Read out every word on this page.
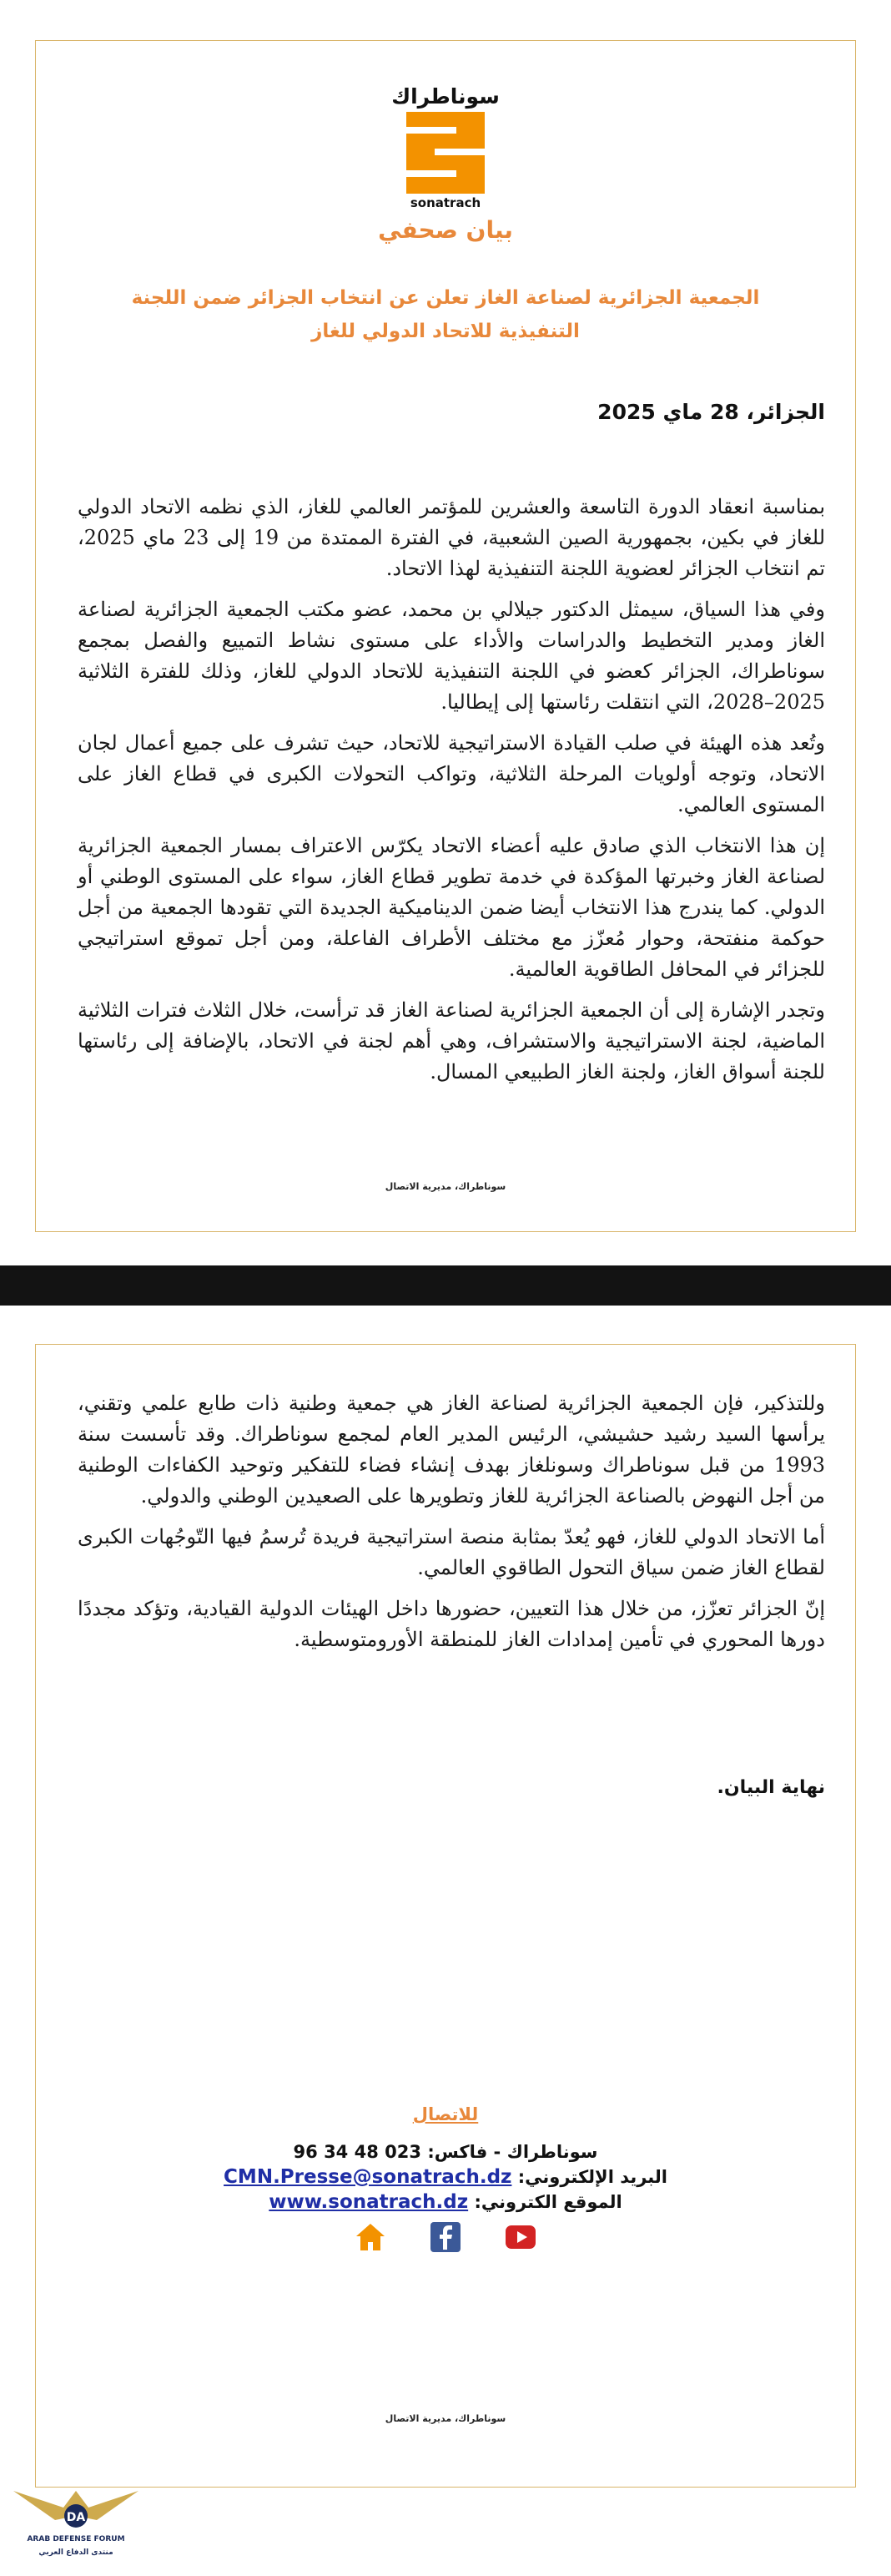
سوناطراك
sonatrach
بيان صحفي
الجمعية الجزائرية لصناعة الغاز تعلن عن انتخاب الجزائر ضمن اللجنة التنفيذية للاتحاد الدولي للغاز
الجزائر، 28 ماي 2025

بمناسبة انعقاد الدورة التاسعة والعشرين للمؤتمر العالمي للغاز، الذي نظمه الاتحاد الدولي للغاز في بكين، بجمهورية الصين الشعبية، في الفترة الممتدة من 19 إلى 23 ماي 2025، تم انتخاب الجزائر لعضوية اللجنة التنفيذية لهذا الاتحاد.

وفي هذا السياق، سيمثل الدكتور جيلالي بن محمد، عضو مكتب الجمعية الجزائرية لصناعة الغاز ومدير التخطيط والدراسات والأداء على مستوى نشاط التمييع والفصل بمجمع سوناطراك، الجزائر كعضو في اللجنة التنفيذية للاتحاد الدولي للغاز، وذلك للفترة الثلاثية 2025–2028، التي انتقلت رئاستها إلى إيطاليا.

وتُعد هذه الهيئة في صلب القيادة الاستراتيجية للاتحاد، حيث تشرف على جميع أعمال لجان الاتحاد، وتوجه أولويات المرحلة الثلاثية، وتواكب التحولات الكبرى في قطاع الغاز على المستوى العالمي.

إن هذا الانتخاب الذي صادق عليه أعضاء الاتحاد يكرّس الاعتراف بمسار الجمعية الجزائرية لصناعة الغاز وخبرتها المؤكدة في خدمة تطوير قطاع الغاز، سواء على المستوى الوطني أو الدولي. كما يندرج هذا الانتخاب أيضا ضمن الديناميكية الجديدة التي تقودها الجمعية من أجل حوكمة منفتحة، وحوار مُعزّز مع مختلف الأطراف الفاعلة، ومن أجل تموقع استراتيجي للجزائر في المحافل الطاقوية العالمية.

وتجدر الإشارة إلى أن الجمعية الجزائرية لصناعة الغاز قد ترأست، خلال الثلاث فترات الثلاثية الماضية، لجنة الاستراتيجية والاستشراف، وهي أهم لجنة في الاتحاد، بالإضافة إلى رئاستها للجنة أسواق الغاز، ولجنة الغاز الطبيعي المسال.

سوناطراك، مديرية الاتصال

وللتذكير، فإن الجمعية الجزائرية لصناعة الغاز هي جمعية وطنية ذات طابع علمي وتقني، يرأسها السيد رشيد حشيشي، الرئيس المدير العام لمجمع سوناطراك. وقد تأسست سنة 1993 من قبل سوناطراك وسونلغاز بهدف إنشاء فضاء للتفكير وتوحيد الكفاءات الوطنية من أجل النهوض بالصناعة الجزائرية للغاز وتطويرها على الصعيدين الوطني والدولي.

أما الاتحاد الدولي للغاز، فهو يُعدّ بمثابة منصة استراتيجية فريدة تُرسمُ فيها التّوجُهات الكبرى لقطاع الغاز ضمن سياق التحول الطاقوي العالمي.

إنّ الجزائر تعزّز، من خلال هذا التعيين، حضورها داخل الهيئات الدولية القيادية، وتؤكد مجددًا دورها المحوري في تأمين إمدادات الغاز للمنطقة الأورومتوسطية.

نهاية البيان.
للاتصال
سوناطراك - فاكس: 023 48 34 96
البريد الإلكتروني: CMN.Presse@sonatrach.dz
الموقع الكتروني: www.sonatrach.dz
سوناطراك، مديرية الاتصال
DA
ARAB DEFENSE FORUM
منتدى الدفاع العربي
